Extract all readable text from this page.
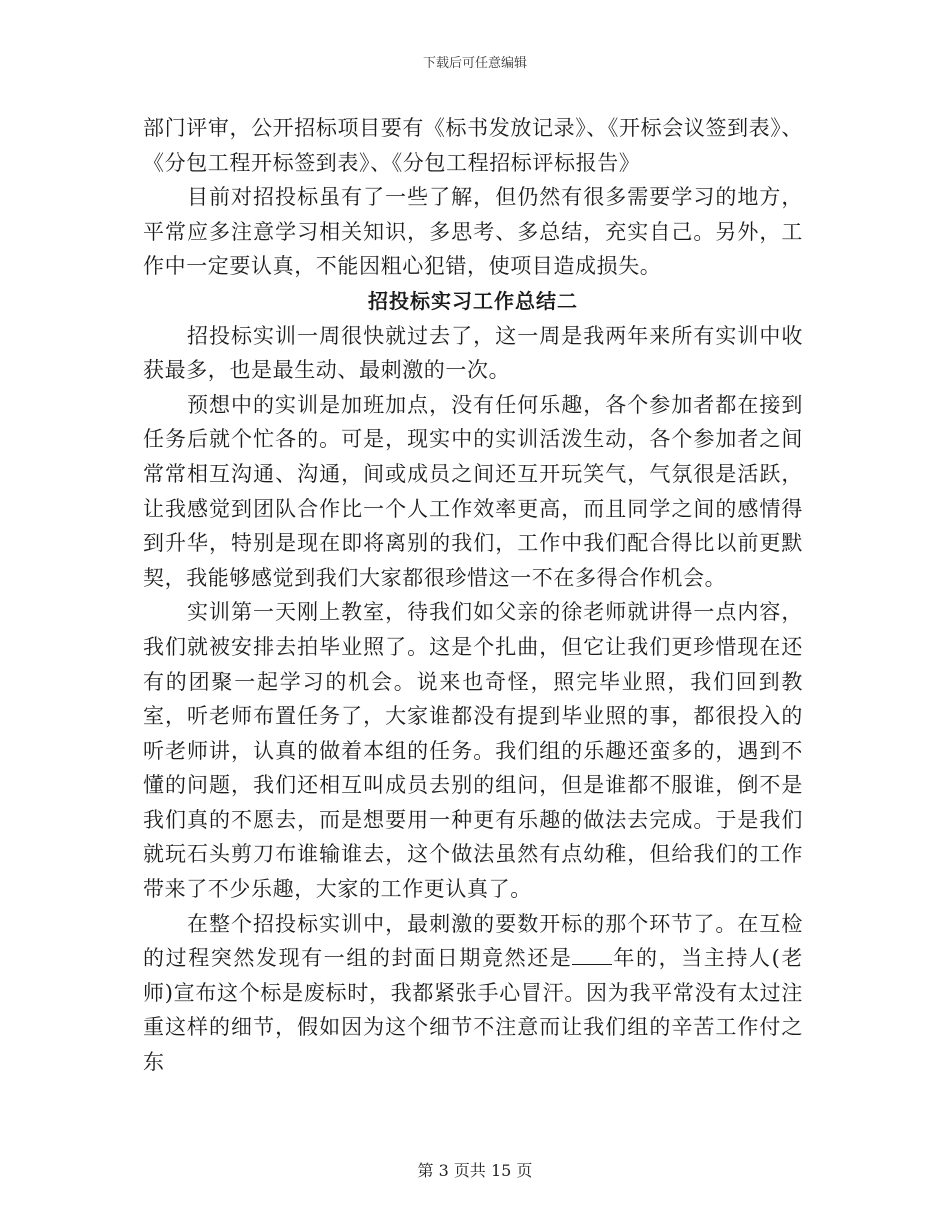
下载后可任意编辑

部门评审，公开招标项目要有《标书发放记录》、《开标会议签到表》、《分包工程开标签到表》、《分包工程招标评标报告》

目前对招投标虽有了一些了解，但仍然有很多需要学习的地方，平常应多注意学习相关知识，多思考、多总结，充实自己。另外，工作中一定要认真，不能因粗心犯错，使项目造成损失。

招投标实习工作总结二

招投标实训一周很快就过去了，这一周是我两年来所有实训中收获最多，也是最生动、最刺激的一次。

预想中的实训是加班加点，没有任何乐趣，各个参加者都在接到任务后就个忙各的。可是，现实中的实训活泼生动，各个参加者之间常常相互沟通、沟通，间或成员之间还互开玩笑气，气氛很是活跃，让我感觉到团队合作比一个人工作效率更高，而且同学之间的感情得到升华，特别是现在即将离别的我们，工作中我们配合得比以前更默契，我能够感觉到我们大家都很珍惜这一不在多得合作机会。

实训第一天刚上教室，待我们如父亲的徐老师就讲得一点内容，我们就被安排去拍毕业照了。这是个扎曲，但它让我们更珍惜现在还有的团聚一起学习的机会。说来也奇怪，照完毕业照，我们回到教室，听老师布置任务了，大家谁都没有提到毕业照的事，都很投入的听老师讲，认真的做着本组的任务。我们组的乐趣还蛮多的，遇到不懂的问题，我们还相互叫成员去别的组问，但是谁都不服谁，倒不是我们真的不愿去，而是想要用一种更有乐趣的做法去完成。于是我们就玩石头剪刀布谁输谁去，这个做法虽然有点幼稚，但给我们的工作带来了不少乐趣，大家的工作更认真了。

在整个招投标实训中，最刺激的要数开标的那个环节了。在互检的过程突然发现有一组的封面日期竟然还是 年的，当主持人(老师)宣布这个标是废标时，我都紧张手心冒汗。因为我平常没有太过注重这样的细节，假如因为这个细节不注意而让我们组的辛苦工作付之东

第 3 页共 15 页
